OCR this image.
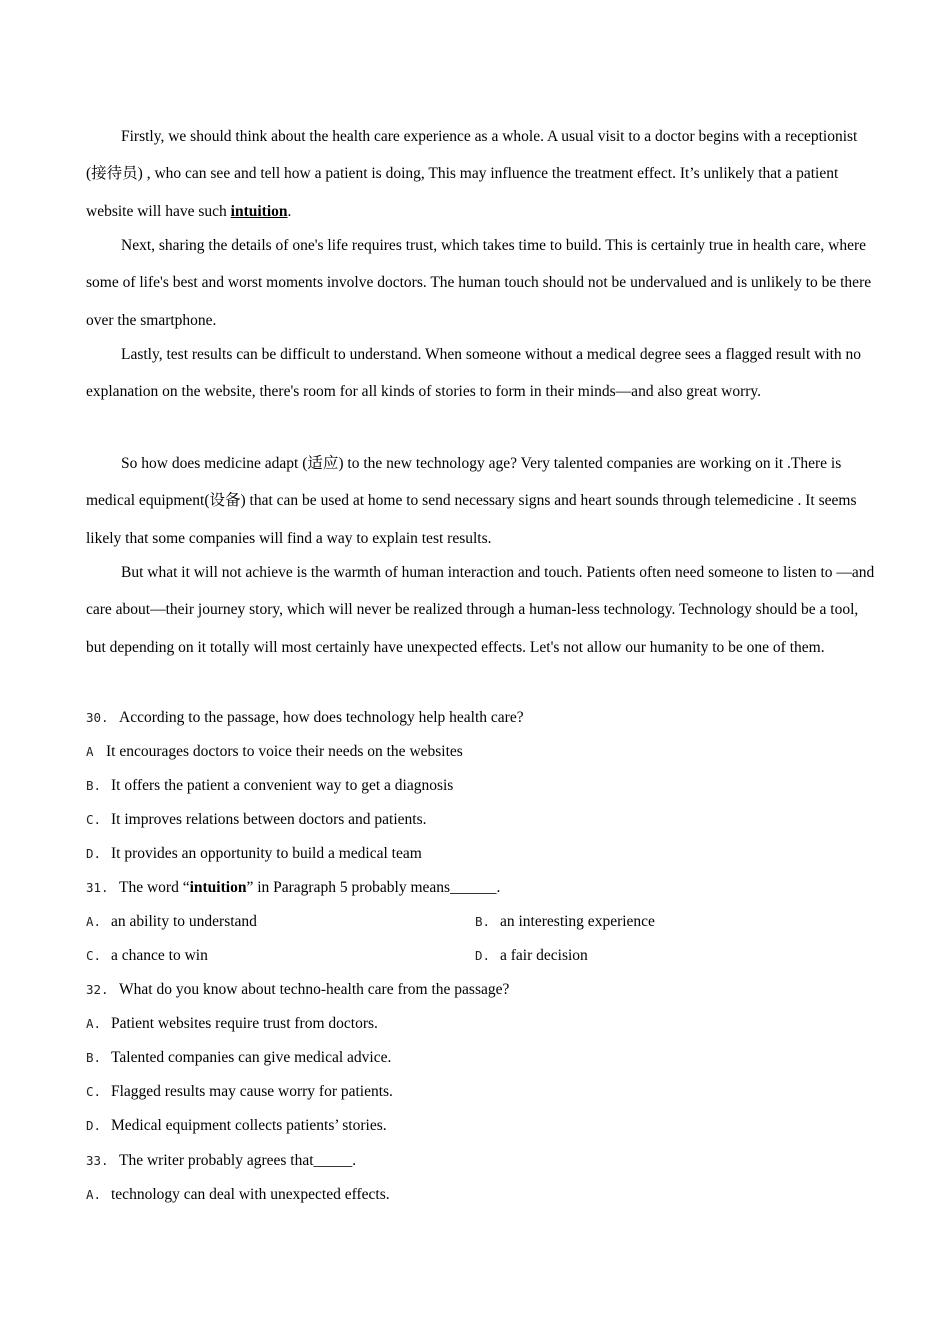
Firstly, we should think about the health care experience as a whole. A usual visit to a doctor begins with a receptionist (接待员) , who can see and tell how a patient is doing, This may influence the treatment effect. It’s unlikely that a patient website will have such intuition.

Next, sharing the details of one's life requires trust, which takes time to build. This is certainly true in health care, where some of life's best and worst moments involve doctors. The human touch should not be undervalued and is unlikely to be there over the smartphone.

Lastly, test results can be difficult to understand. When someone without a medical degree sees a flagged result with no explanation on the website, there's room for all kinds of stories to form in their minds—and also great worry.

So how does medicine adapt (适应) to the new technology age? Very talented companies are working on it .There is medical equipment(设备) that can be used at home to send necessary signs and heart sounds through telemedicine . It seems likely that some companies will find a way to explain test results.

But what it will not achieve is the warmth of human interaction and touch. Patients often need someone to listen to —and care about—their journey story, which will never be realized through a human-less technology. Technology should be a tool, but depending on it totally will most certainly have unexpected effects. Let's not allow our humanity to be one of them.

30. According to the passage, how does technology help health care?
A It encourages doctors to voice their needs on the websites
B. It offers the patient a convenient way to get a diagnosis
C. It improves relations between doctors and patients.
D. It provides an opportunity to build a medical team
31. The word “intuition” in Paragraph 5 probably means______.
A. an ability to understand	B. an interesting experience
C. a chance to win	D. a fair decision
32. What do you know about techno-health care from the passage?
A. Patient websites require trust from doctors.
B. Talented companies can give medical advice.
C. Flagged results may cause worry for patients.
D. Medical equipment collects patients’ stories.
33. The writer probably agrees that_____.
A. technology can deal with unexpected effects.
